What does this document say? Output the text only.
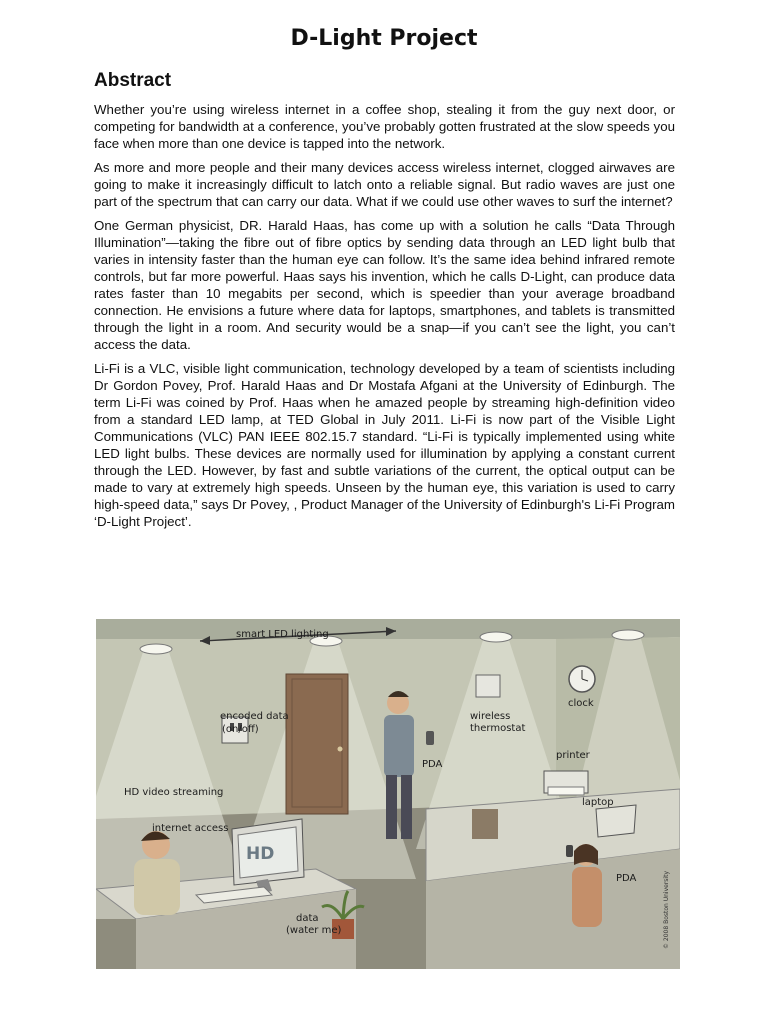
D-Light Project
Abstract

Whether you’re using wireless internet in a coffee shop, stealing it from the guy next door, or competing for bandwidth at a conference, you’ve probably gotten frustrated at the slow speeds you face when more than one device is tapped into the network.

As more and more people and their many devices access wireless internet, clogged airwaves are going to make it increasingly difficult to latch onto a reliable signal. But radio waves are just one part of the spectrum that can carry our data. What if we could use other waves to surf the internet?

One German physicist, DR. Harald Haas, has come up with a solution he calls “Data Through Illumination”—taking the fibre out of fibre optics by sending data through an LED light bulb that varies in intensity faster than the human eye can follow. It’s the same idea behind infrared remote controls, but far more powerful. Haas says his invention, which he calls D-Light, can produce data rates faster than 10 megabits per second, which is speedier than your average broadband connection. He envisions a future where data for laptops, smartphones, and tablets is transmitted through the light in a room. And security would be a snap—if you can’t see the light, you can’t access the data.

Li-Fi is a VLC, visible light communication, technology developed by a team of scientists including Dr Gordon Povey, Prof. Harald Haas and Dr Mostafa Afgani at the University of Edinburgh. The term Li-Fi was coined by Prof. Haas when he amazed people by streaming high-definition video from a standard LED lamp, at TED Global in July 2011. Li-Fi is now part of the Visible Light Communications (VLC) PAN IEEE 802.15.7 standard. “Li-Fi is typically implemented using white LED light bulbs. These devices are normally used for illumination by applying a constant current through the LED. However, by fast and subtle variations of the current, the optical output can be made to vary at extremely high speeds. Unseen by the human eye, this variation is used to carry high-speed data,” says Dr Povey, , Product Manager of the University of Edinburgh's Li-Fi Program ‘D-Light Project’.

smart LED lighting
encoded data
(on/off)
wireless
thermostat
clock
PDA
printer
laptop
PDA
HD
HD video streaming
internet access
data
(water me)	© 2008 Boston University
